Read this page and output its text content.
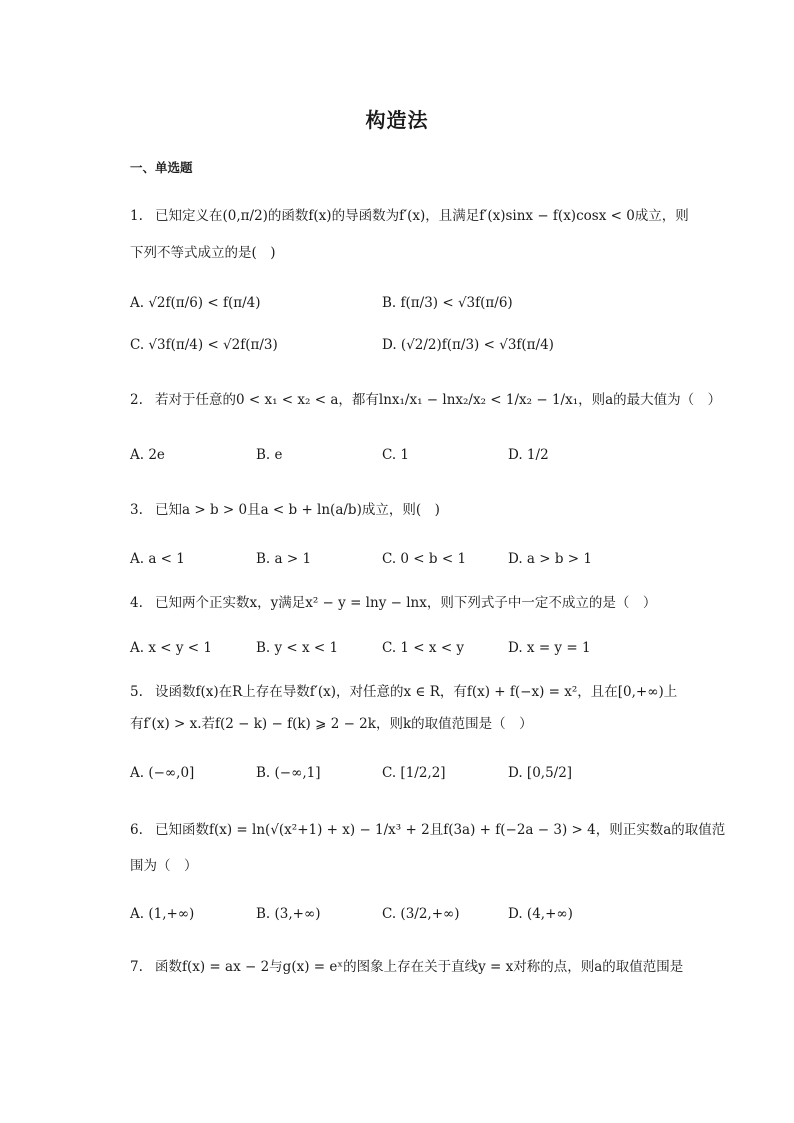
构造法
一、单选题
1. 已知定义在(0,π/2)的函数f(x)的导函数为f′(x)，且满足f′(x)sinx − f(x)cosx < 0成立，则
下列不等式成立的是(　)
A. √2f(π/6) < f(π/4)	B. f(π/3) < √3f(π/6)
C. √3f(π/4) < √2f(π/3)	D. (√2/2)f(π/3) < √3f(π/4)
2. 若对于任意的0 < x₁ < x₂ < a，都有lnx₁/x₁ − lnx₂/x₂ < 1/x₂ − 1/x₁，则a的最大值为（　）
A. 2e	B. e	C. 1	D. 1/2
3. 已知a > b > 0且a < b + ln(a/b)成立，则(　)
A. a < 1	B. a > 1	C. 0 < b < 1	D. a > b > 1
4. 已知两个正实数x，y满足x² − y = lny − lnx，则下列式子中一定不成立的是（　）
A. x < y < 1	B. y < x < 1	C. 1 < x < y	D. x = y = 1
5. 设函数f(x)在R上存在导数f′(x)，对任意的x ∈ R，有f(x) + f(−x) = x²，且在[0,+∞)上
有f′(x) > x.若f(2 − k) − f(k) ⩾ 2 − 2k，则k的取值范围是（　）
A. (−∞,0]	B. (−∞,1]	C. [1/2,2]	D. [0,5/2]
6. 已知函数f(x) = ln(√(x²+1) + x) − 1/x³ + 2且f(3a) + f(−2a − 3) > 4，则正实数a的取值范
围为（　）
A. (1,+∞)	B. (3,+∞)	C. (3/2,+∞)	D. (4,+∞)
7. 函数f(x) = ax − 2与g(x) = eˣ的图象上存在关于直线y = x对称的点，则a的取值范围是
